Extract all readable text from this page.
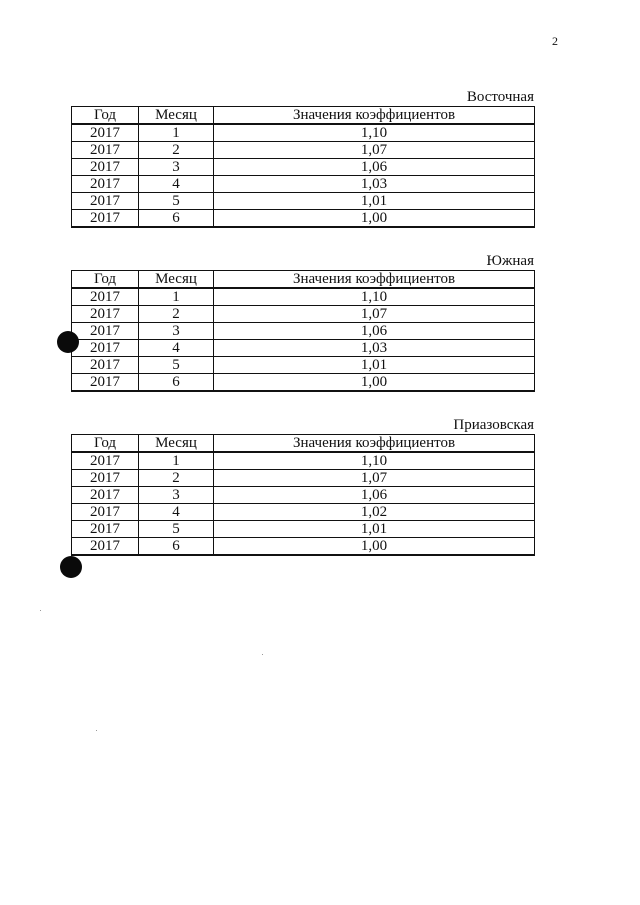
2
Восточная
Год	Месяц	Значения коэффициентов
2017	1	1,10
2017	2	1,07
2017	3	1,06
2017	4	1,03
2017	5	1,01
2017	6	1,00
Южная
Год	Месяц	Значения коэффициентов
2017	1	1,10
2017	2	1,07
2017	3	1,06
2017	4	1,03
2017	5	1,01
2017	6	1,00
Приазовская
Год	Месяц	Значения коэффициентов
2017	1	1,10
2017	2	1,07
2017	3	1,06
2017	4	1,02
2017	5	1,01
2017	6	1,00
